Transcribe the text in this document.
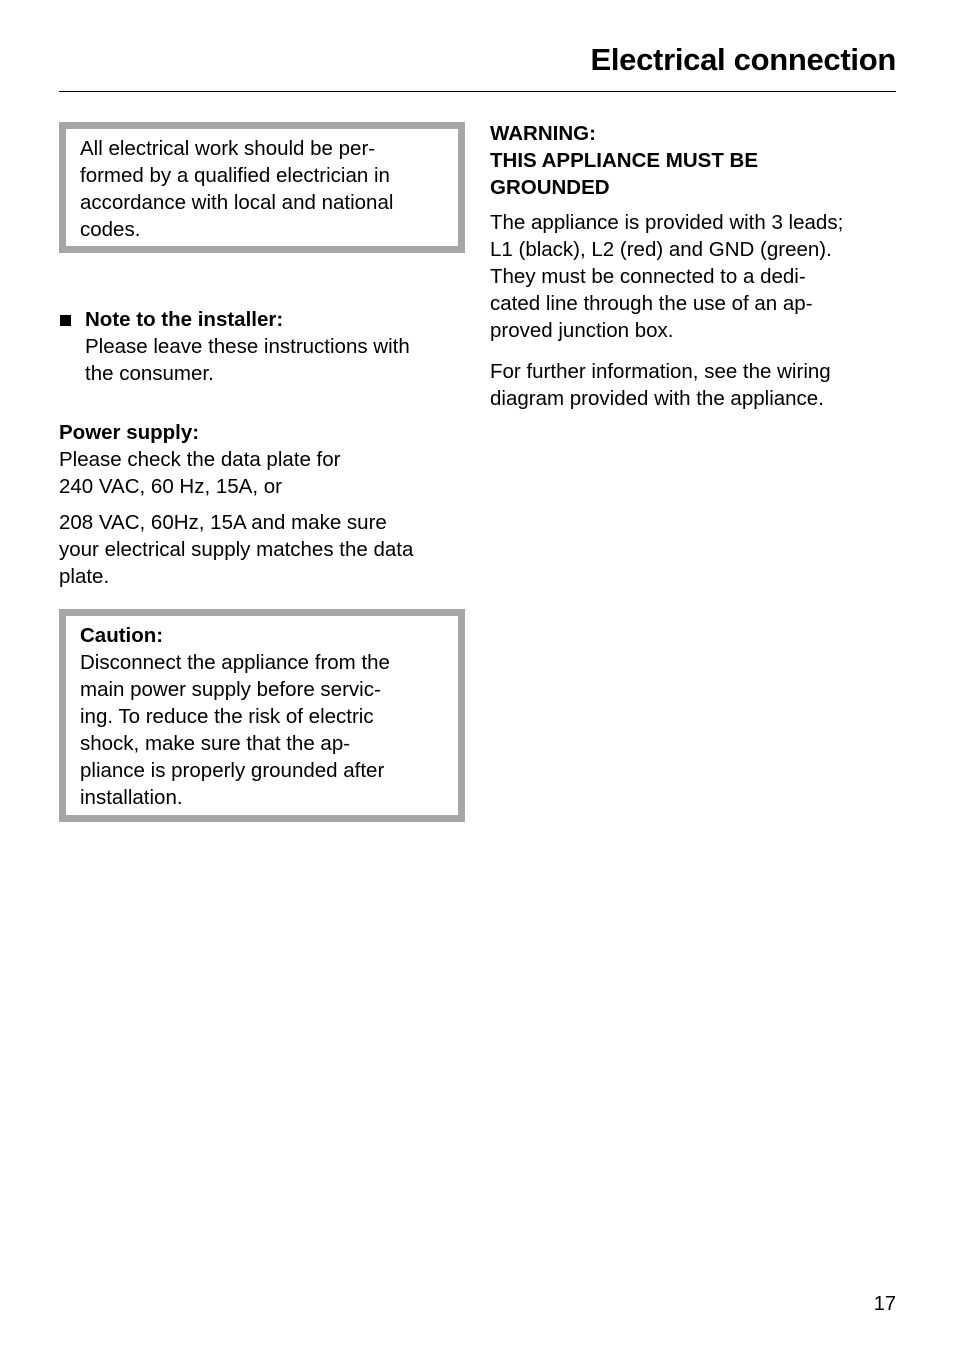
Electrical connection

All electrical work should be per-
formed by a qualified electrician in
accordance with local and national
codes.

Note to the installer:

Please leave these instructions with
the consumer.

Power supply:

Please check the data plate for
240 VAC, 60 Hz, 15A, or

208 VAC, 60Hz, 15A and make sure
your electrical supply matches the data
plate.

Caution:

Disconnect the appliance from the
main power supply before servic-
ing. To reduce the risk of electric
shock, make sure that the ap-
pliance is properly grounded after
installation.

WARNING:
THIS APPLIANCE MUST BE
GROUNDED

The appliance is provided with 3 leads;
L1 (black), L2 (red) and GND (green).
They must be connected to a dedi-
cated line through the use of an ap-
proved junction box.

For further information, see the wiring
diagram provided with the appliance.

17
